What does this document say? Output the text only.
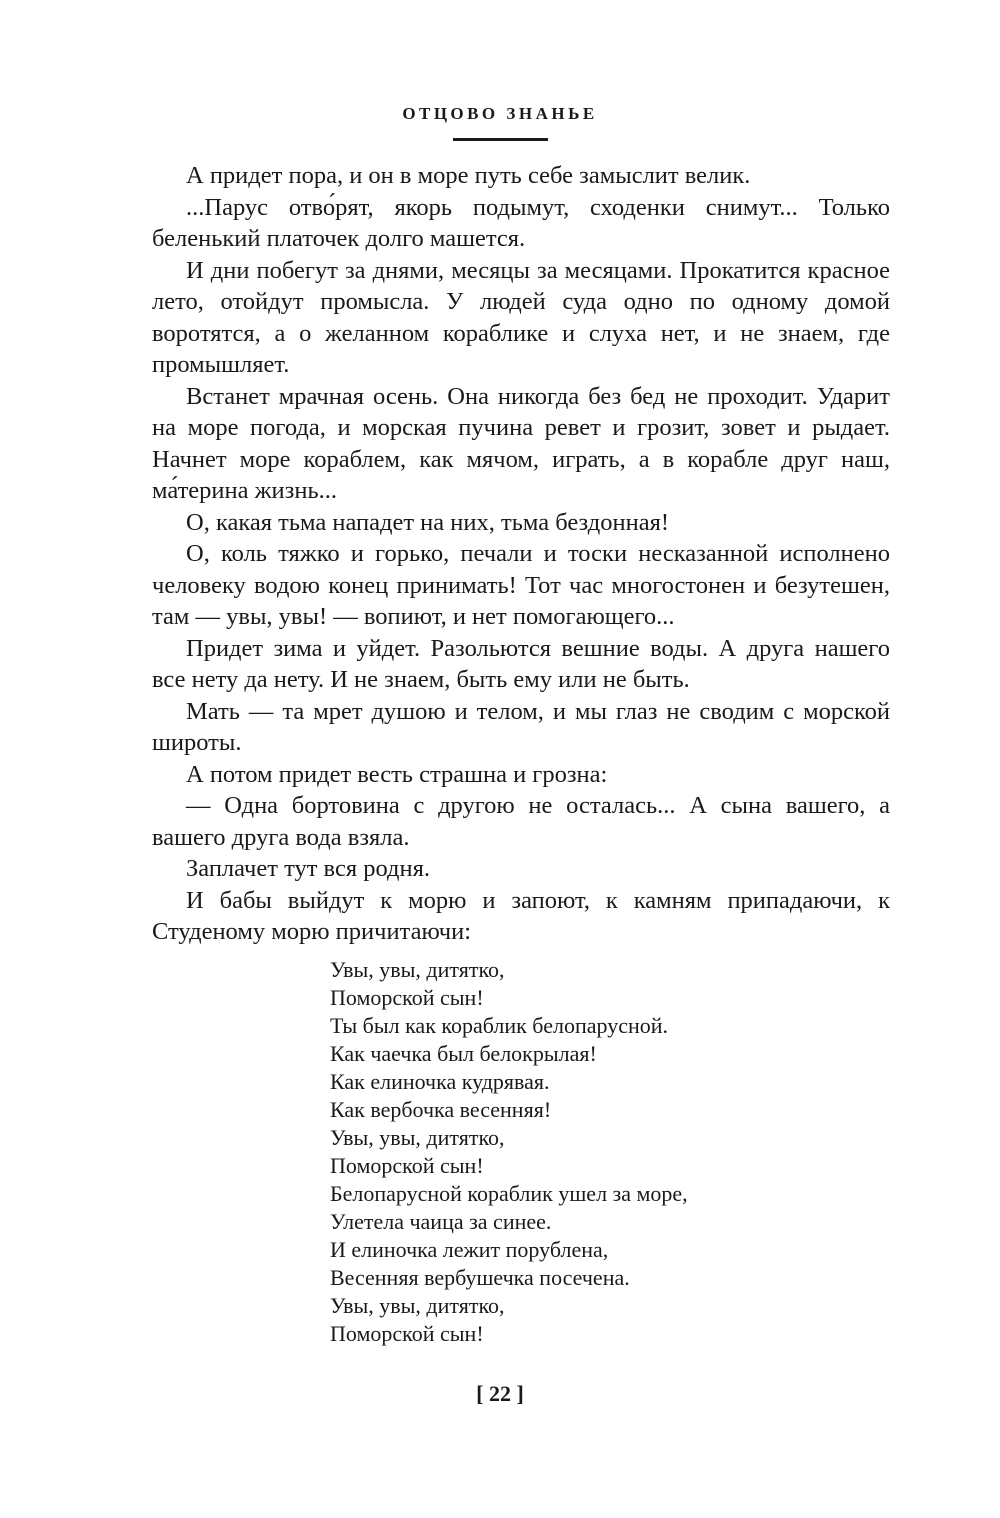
ОТЦОВО ЗНАНЬЕ

А придет пора, и он в море путь себе замыслит велик.

...Парус отво́рят, якорь подымут, сходенки снимут... Только беленький платочек долго машется.

И дни побегут за днями, месяцы за месяцами. Прокатится красное лето, отойдут промысла. У людей суда одно по одному домой воротятся, а о желанном кораблике и слуха нет, и не знаем, где промышляет.

Встанет мрачная осень. Она никогда без бед не проходит. Ударит на море погода, и морская пучина ревет и грозит, зовет и рыдает. Начнет море кораблем, как мячом, играть, а в корабле друг наш, ма́терина жизнь...

О, какая тьма нападет на них, тьма бездонная!

О, коль тяжко и горько, печали и тоски несказанной исполнено человеку водою конец принимать! Тот час многостонен и безутешен, там — увы, увы! — вопиют, и нет помогающего...

Придет зима и уйдет. Разольются вешние воды. А друга нашего все нету да нету. И не знаем, быть ему или не быть.

Мать — та мрет душою и телом, и мы глаз не сводим с морской широты.

А потом придет весть страшна и грозна:

— Одна бортовина с другою не осталась... А сына вашего, а вашего друга вода взяла.

Заплачет тут вся родня.

И бабы выйдут к морю и запоют, к камням припадаючи, к Студеному морю причитаючи:

Увы, увы, дитятко,
Поморской сын!
Ты был как кораблик белопарусной.
Как чаечка был белокрылая!
Как елиночка кудрявая.
Как вербочка весенняя!
Увы, увы, дитятко,
Поморской сын!
Белопарусной кораблик ушел за море,
Улетела чаица за синее.
И елиночка лежит порублена,
Весенняя вербушечка посечена.
Увы, увы, дитятко,
Поморской сын!
[ 22 ]
